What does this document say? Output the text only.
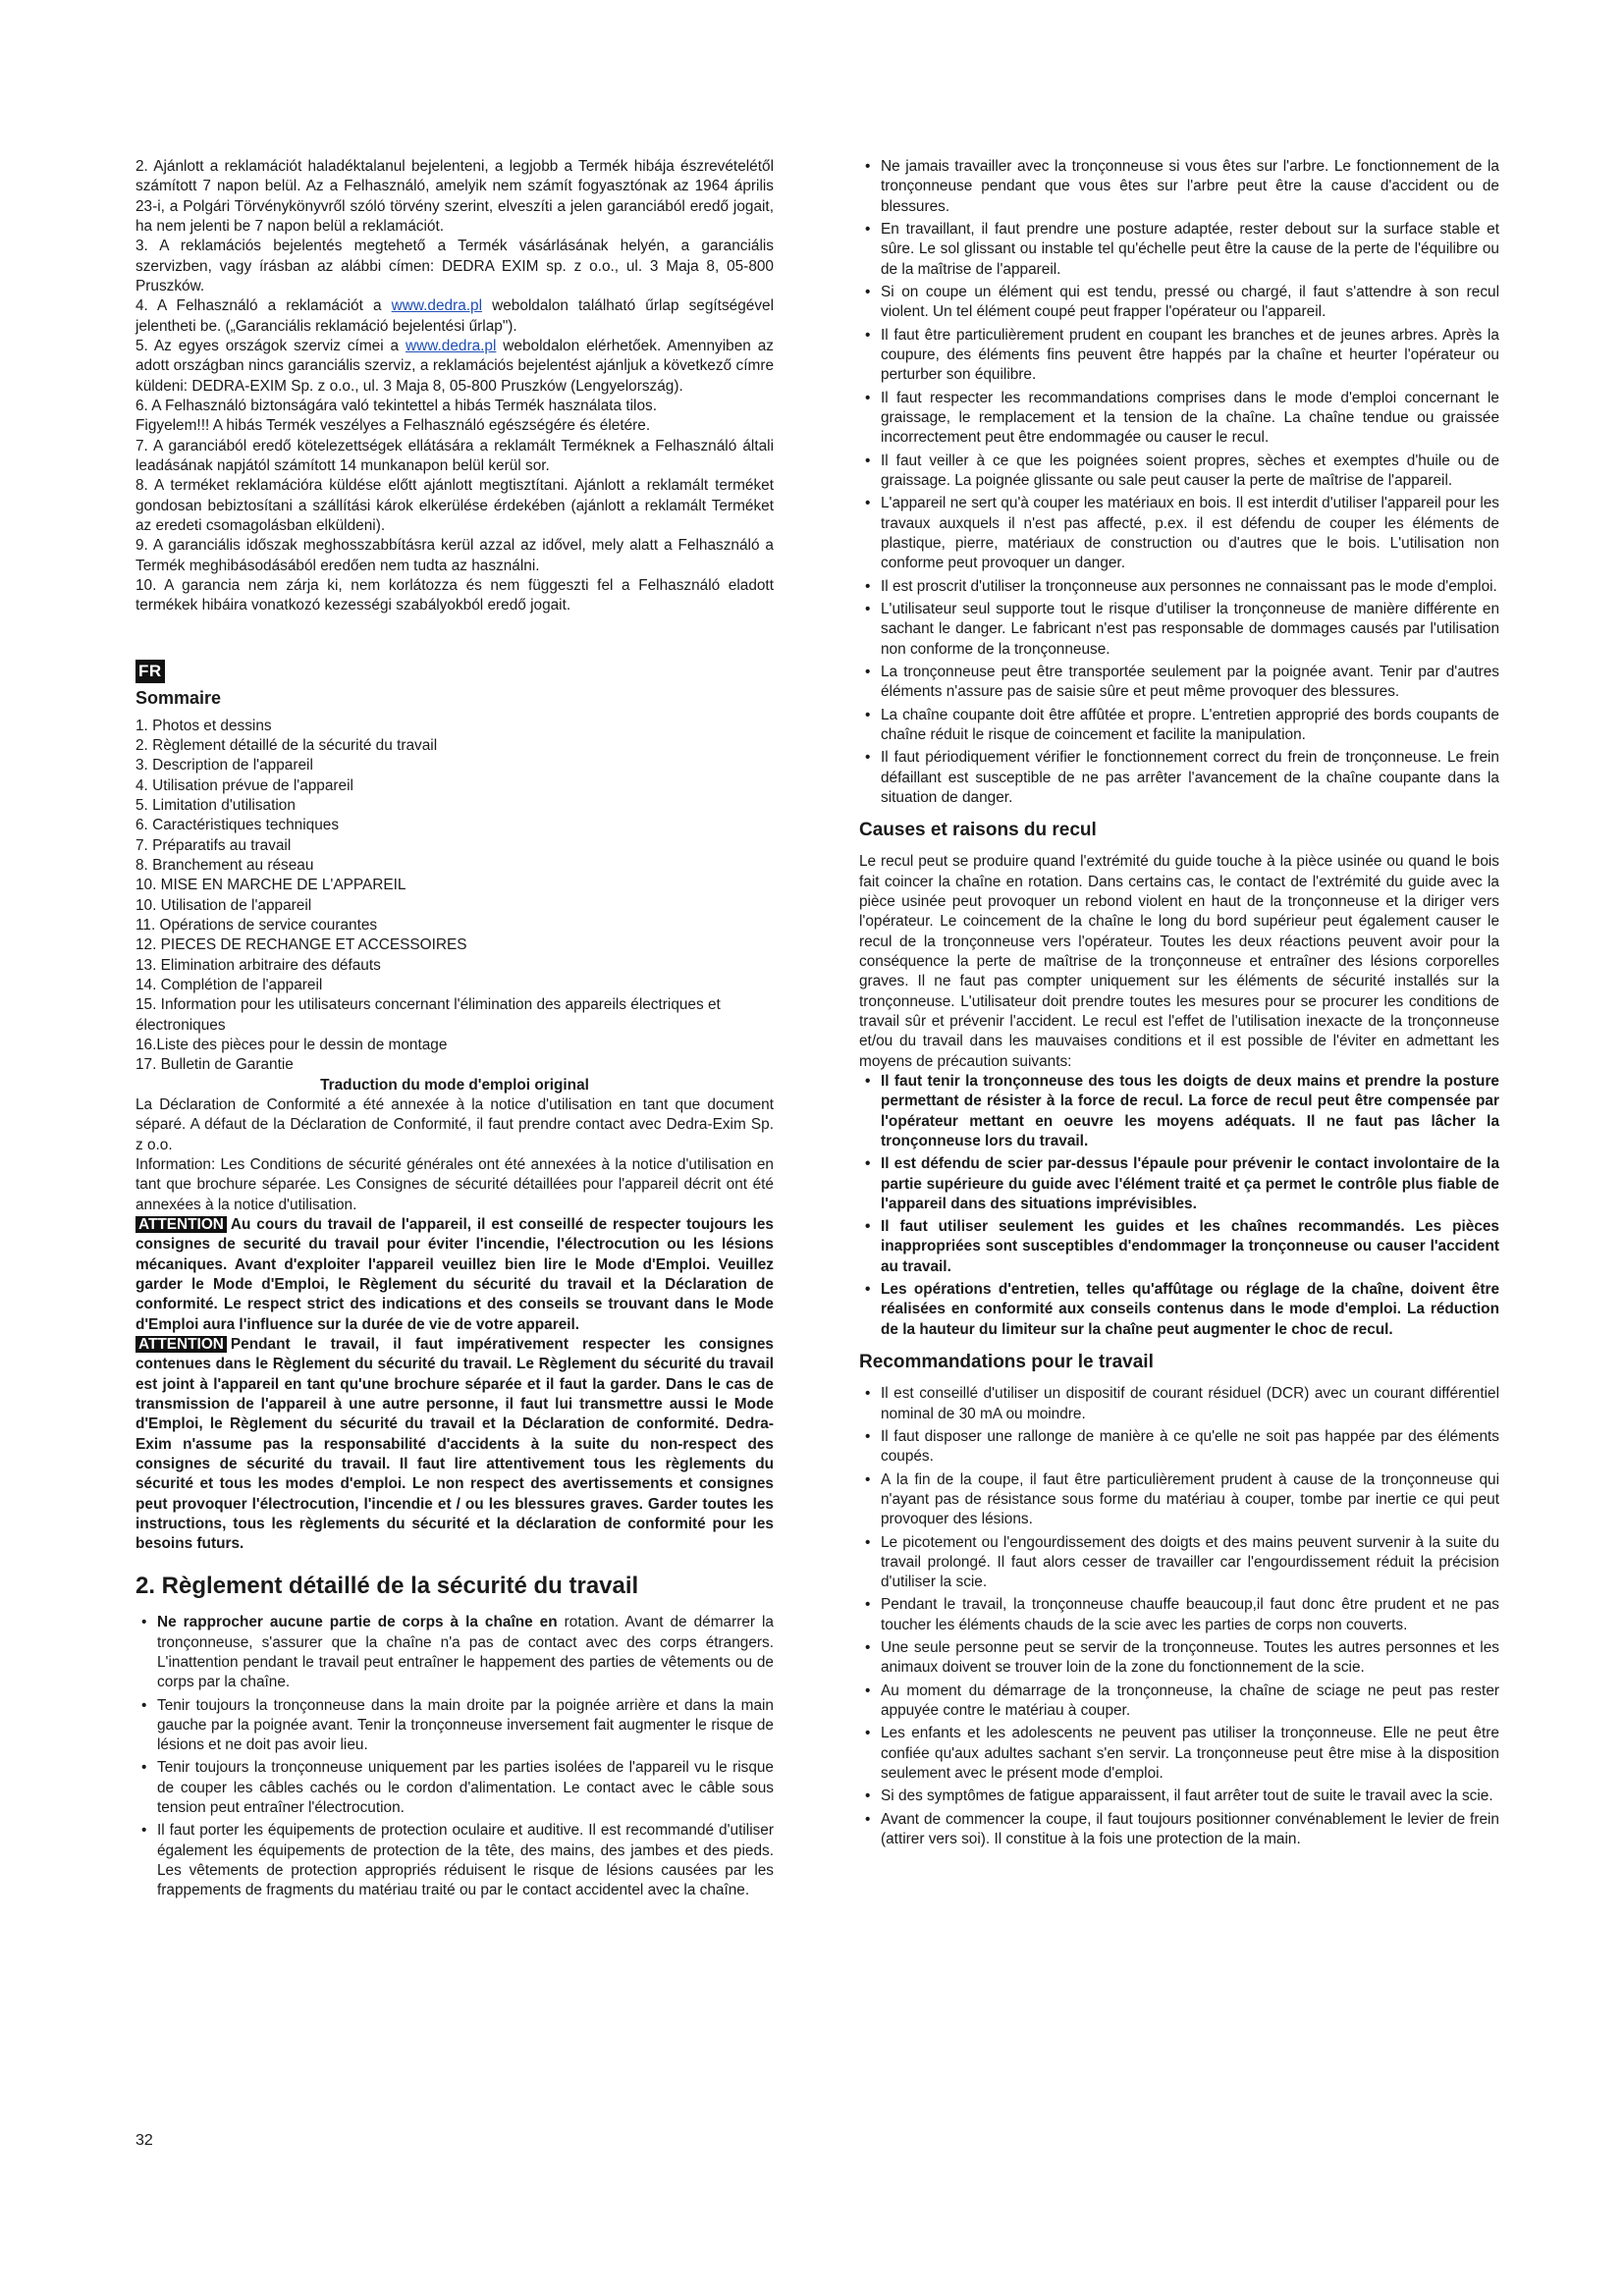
2. Ajánlott a reklamációt haladéktalanul bejelenteni, a legjobb a Termék hibája észrevételétől számított 7 napon belül. Az a Felhasználó, amelyik nem számít fogyasztónak az 1964 április 23-i, a Polgári Törvénykönyvről szóló törvény szerint, elveszíti a jelen garanciából eredő jogait, ha nem jelenti be 7 napon belül a reklamációt.

3. A reklamációs bejelentés megtehető a Termék vásárlásának helyén, a garanciális szervizben, vagy írásban az alábbi címen: DEDRA EXIM sp. z o.o., ul. 3 Maja 8, 05-800 Pruszków.

4. A Felhasználó a reklamációt a www.dedra.pl weboldalon található űrlap segítségével jelentheti be. („Garanciális reklamáció bejelentési űrlap").

5. Az egyes országok szerviz címei a www.dedra.pl weboldalon elérhetőek. Amennyiben az adott országban nincs garanciális szerviz, a reklamációs bejelentést ajánljuk a következő címre küldeni: DEDRA-EXIM Sp. z o.o., ul. 3 Maja 8, 05-800 Pruszków (Lengyelország).

6. A Felhasználó biztonságára való tekintettel a hibás Termék használata tilos.

Figyelem!!! A hibás Termék veszélyes a Felhasználó egészségére és életére.

7. A garanciából eredő kötelezettségek ellátására a reklamált Terméknek a Felhasználó általi leadásának napjától számított 14 munkanapon belül kerül sor.

8. A terméket reklamációra küldése előtt ajánlott megtisztítani. Ajánlott a reklamált terméket gondosan bebiztosítani a szállítási károk elkerülése érdekében (ajánlott a reklamált Terméket az eredeti csomagolásban elküldeni).

9. A garanciális időszak meghosszabbításra kerül azzal az idővel, mely alatt a Felhasználó a Termék meghibásodásából eredően nem tudta az használni.

10. A garancia nem zárja ki, nem korlátozza és nem függeszti fel a Felhasználó eladott termékek hibáira vonatkozó kezességi szabályokból eredő jogait.

FR
Sommaire
1. Photos et dessins
2. Règlement détaillé de la sécurité du travail
3. Description de l'appareil
4. Utilisation prévue de l'appareil
5. Limitation d'utilisation
6. Caractéristiques techniques
7. Préparatifs au travail
8. Branchement au réseau
10. MISE EN MARCHE DE L'APPAREIL
10. Utilisation de l'appareil
11. Opérations de service courantes
12. PIECES DE RECHANGE ET ACCESSOIRES
13. Elimination arbitraire des défauts
14. Complétion de l'appareil
15. Information pour les utilisateurs concernant l'élimination des appareils électriques et électroniques
16.Liste des pièces pour le dessin de montage
17. Bulletin de Garantie
Traduction du mode d'emploi original

La Déclaration de Conformité a été annexée à la notice d'utilisation en tant que document séparé. A défaut de la Déclaration de Conformité, il faut prendre contact avec Dedra-Exim Sp. z o.o.

Information: Les Conditions de sécurité générales ont été annexées à la notice d'utilisation en tant que brochure séparée. Les Consignes de sécurité détaillées pour l'appareil décrit ont été annexées à la notice d'utilisation.

ATTENTION Au cours du travail de l'appareil, il est conseillé de respecter toujours les consignes de securité du travail pour éviter l'incendie, l'électrocution ou les lésions mécaniques. Avant d'exploiter l'appareil veuillez bien lire le Mode d'Emploi. Veuillez garder le Mode d'Emploi, le Règlement du sécurité du travail et la Déclaration de conformité. Le respect strict des indications et des conseils se trouvant dans le Mode d'Emploi aura l'influence sur la durée de vie de votre appareil.

ATTENTION Pendant le travail, il faut impérativement respecter les consignes contenues dans le Règlement du sécurité du travail. Le Règlement du sécurité du travail est joint à l'appareil en tant qu'une brochure séparée et il faut la garder. Dans le cas de transmission de l'appareil à une autre personne, il faut lui transmettre aussi le Mode d'Emploi, le Règlement du sécurité du travail et la Déclaration de conformité. Dedra-Exim n'assume pas la responsabilité d'accidents à la suite du non-respect des consignes de sécurité du travail. Il faut lire attentivement tous les règlements du sécurité et tous les modes d'emploi. Le non respect des avertissements et consignes peut provoquer l'électrocution, l'incendie et / ou les blessures graves. Garder toutes les instructions, tous les règlements du sécurité et la déclaration de conformité pour les besoins futurs.

2. Règlement détaillé de la sécurité du travail
• Ne rapprocher aucune partie de corps à la chaîne en rotation. Avant de démarrer la tronçonneuse, s'assurer que la chaîne n'a pas de contact avec des corps étrangers. L'inattention pendant le travail peut entraîner le happement des parties de vêtements ou de corps par la chaîne.
• Tenir toujours la tronçonneuse dans la main droite par la poignée arrière et dans la main gauche par la poignée avant. Tenir la tronçonneuse inversement fait augmenter le risque de lésions et ne doit pas avoir lieu.
• Tenir toujours la tronçonneuse uniquement par les parties isolées de l'appareil vu le risque de couper les câbles cachés ou le cordon d'alimentation. Le contact avec le câble sous tension peut entraîner l'électrocution.
• Il faut porter les équipements de protection oculaire et auditive. Il est recommandé d'utiliser également les équipements de protection de la tête, des mains, des jambes et des pieds. Les vêtements de protection appropriés réduisent le risque de lésions causées par les frappements de fragments du matériau traité ou par le contact accidentel avec la chaîne.
• Ne jamais travailler avec la tronçonneuse si vous êtes sur l'arbre. Le fonctionnement de la tronçonneuse pendant que vous êtes sur l'arbre peut être la cause d'accident ou de blessures.
• En travaillant, il faut prendre une posture adaptée, rester debout sur la surface stable et sûre. Le sol glissant ou instable tel qu'échelle peut être la cause de la perte de l'équilibre ou de la maîtrise de l'appareil.
• Si on coupe un élément qui est tendu, pressé ou chargé, il faut s'attendre à son recul violent. Un tel élément coupé peut frapper l'opérateur ou l'appareil.
• Il faut être particulièrement prudent en coupant les branches et de jeunes arbres. Après la coupure, des éléments fins peuvent être happés par la chaîne et heurter l'opérateur ou perturber son équilibre.
• Il faut respecter les recommandations comprises dans le mode d'emploi concernant le graissage, le remplacement et la tension de la chaîne. La chaîne tendue ou graissée incorrectement peut être endommagée ou causer le recul.
• Il faut veiller à ce que les poignées soient propres, sèches et exemptes d'huile ou de graissage. La poignée glissante ou sale peut causer la perte de maîtrise de l'appareil.
• L'appareil ne sert qu'à couper les matériaux en bois. Il est interdit d'utiliser l'appareil pour les travaux auxquels il n'est pas affecté, p.ex. il est défendu de couper les éléments de plastique, pierre, matériaux de construction ou d'autres que le bois. L'utilisation non conforme peut provoquer un danger.
• Il est proscrit d'utiliser la tronçonneuse aux personnes ne connaissant pas le mode d'emploi.
• L'utilisateur seul supporte tout le risque d'utiliser la tronçonneuse de manière différente en sachant le danger. Le fabricant n'est pas responsable de dommages causés par l'utilisation non conforme de la tronçonneuse.
• La tronçonneuse peut être transportée seulement par la poignée avant. Tenir par d'autres éléments n'assure pas de saisie sûre et peut même provoquer des blessures.
• La chaîne coupante doit être affûtée et propre. L'entretien approprié des bords coupants de chaîne réduit le risque de coincement et facilite la manipulation.
• Il faut périodiquement vérifier le fonctionnement correct du frein de tronçonneuse. Le frein défaillant est susceptible de ne pas arrêter l'avancement de la chaîne coupante dans la situation de danger.
Causes et raisons du recul

Le recul peut se produire quand l'extrémité du guide touche à la pièce usinée ou quand le bois fait coincer la chaîne en rotation. Dans certains cas, le contact de l'extrémité du guide avec la pièce usinée peut provoquer un rebond violent en haut de la tronçonneuse et la diriger vers l'opérateur. Le coincement de la chaîne le long du bord supérieur peut également causer le recul de la tronçonneuse vers l'opérateur. Toutes les deux réactions peuvent avoir pour la conséquence la perte de maîtrise de la tronçonneuse et entraîner des lésions corporelles graves. Il ne faut pas compter uniquement sur les éléments de sécurité installés sur la tronçonneuse. L'utilisateur doit prendre toutes les mesures pour se procurer les conditions de travail sûr et prévenir l'accident. Le recul est l'effet de l'utilisation inexacte de la tronçonneuse et/ou du travail dans les mauvaises conditions et il est possible de l'éviter en admettant les moyens de précaution suivants:

• Il faut tenir la tronçonneuse des tous les doigts de deux mains et prendre la posture permettant de résister à la force de recul. La force de recul peut être compensée par l'opérateur mettant en oeuvre les moyens adéquats. Il ne faut pas lâcher la tronçonneuse lors du travail.
• Il est défendu de scier par-dessus l'épaule pour prévenir le contact involontaire de la partie supérieure du guide avec l'élément traité et ça permet le contrôle plus fiable de l'appareil dans des situations imprévisibles.
• Il faut utiliser seulement les guides et les chaînes recommandés. Les pièces inappropriées sont susceptibles d'endommager la tronçonneuse ou causer l'accident au travail.
• Les opérations d'entretien, telles qu'affûtage ou réglage de la chaîne, doivent être réalisées en conformité aux conseils contenus dans le mode d'emploi. La réduction de la hauteur du limiteur sur la chaîne peut augmenter le choc de recul.
Recommandations pour le travail
• Il est conseillé d'utiliser un dispositif de courant résiduel (DCR) avec un courant différentiel nominal de 30 mA ou moindre.
• Il faut disposer une rallonge de manière à ce qu'elle ne soit pas happée par des éléments coupés.
• A la fin de la coupe, il faut être particulièrement prudent à cause de la tronçonneuse qui n'ayant pas de résistance sous forme du matériau à couper, tombe par inertie ce qui peut provoquer des lésions.
• Le picotement ou l'engourdissement des doigts et des mains peuvent survenir à la suite du travail prolongé. Il faut alors cesser de travailler car l'engourdissement réduit la précision d'utiliser la scie.
• Pendant le travail, la tronçonneuse chauffe beaucoup,il faut donc être prudent et ne pas toucher les éléments chauds de la scie avec les parties de corps non couverts.
• Une seule personne peut se servir de la tronçonneuse. Toutes les autres personnes et les animaux doivent se trouver loin de la zone du fonctionnement de la scie.
• Au moment du démarrage de la tronçonneuse, la chaîne de sciage ne peut pas rester appuyée contre le matériau à couper.
• Les enfants et les adolescents ne peuvent pas utiliser la tronçonneuse. Elle ne peut être confiée qu'aux adultes sachant s'en servir. La tronçonneuse peut être mise à la disposition seulement avec le présent mode d'emploi.
• Si des symptômes de fatigue apparaissent, il faut arrêter tout de suite le travail avec la scie.
• Avant de commencer la coupe, il faut toujours positionner convénablement le levier de frein (attirer vers soi). Il constitue à la fois une protection de la main.
32
